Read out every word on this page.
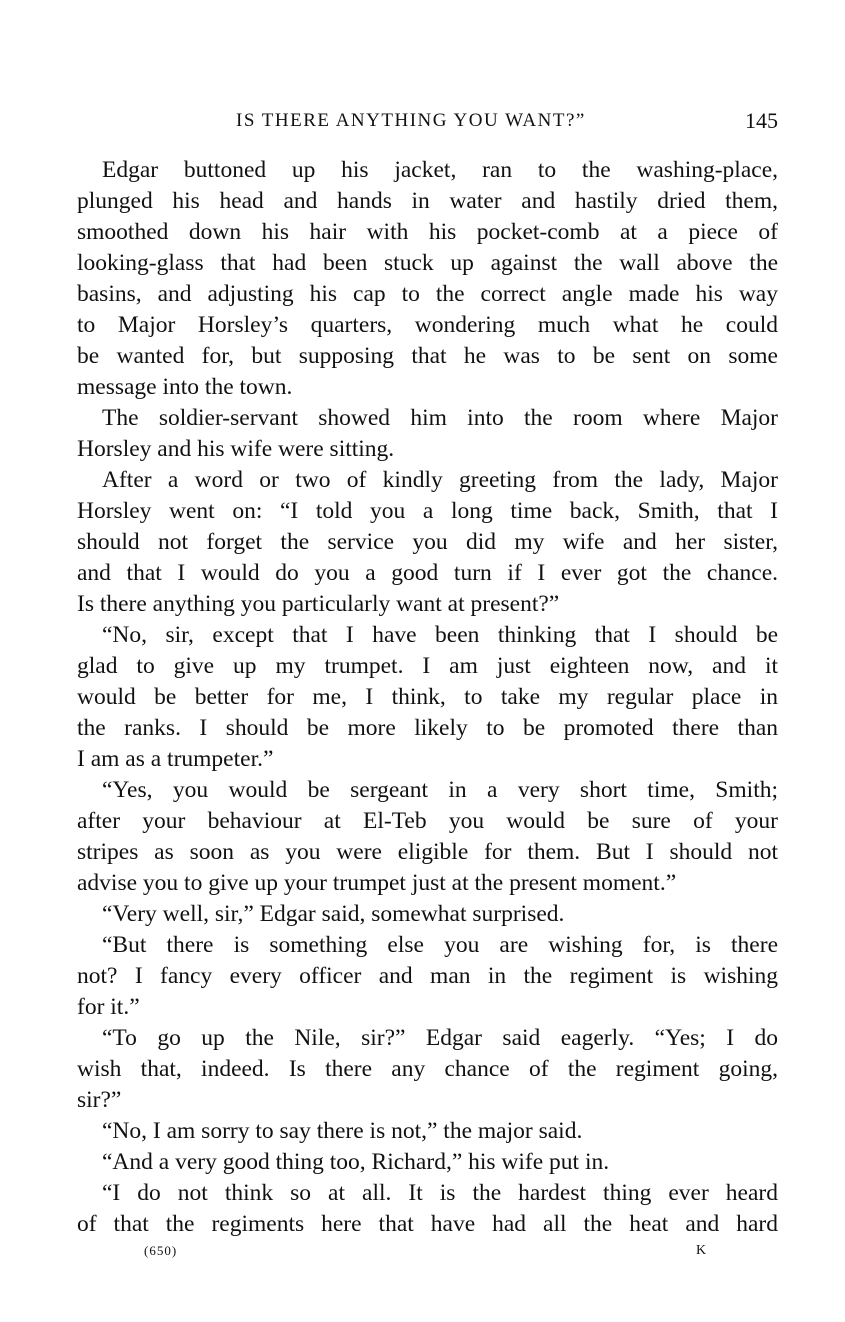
IS THERE ANYTHING YOU WANT?”	145
Edgar buttoned up his jacket, ran to the washing-place,
plunged his head and hands in water and hastily dried them,
smoothed down his hair with his pocket-comb at a piece of
looking-glass that had been stuck up against the wall above the
basins, and adjusting his cap to the correct angle made his way
to Major Horsley’s quarters, wondering much what he could
be wanted for, but supposing that he was to be sent on some
message into the town.
The soldier-servant showed him into the room where Major
Horsley and his wife were sitting.
After a word or two of kindly greeting from the lady, Major
Horsley went on: “I told you a long time back, Smith, that I
should not forget the service you did my wife and her sister,
and that I would do you a good turn if I ever got the chance.
Is there anything you particularly want at present?”
“No, sir, except that I have been thinking that I should be
glad to give up my trumpet. I am just eighteen now, and it
would be better for me, I think, to take my regular place in
the ranks. I should be more likely to be promoted there than
I am as a trumpeter.”
“Yes, you would be sergeant in a very short time, Smith;
after your behaviour at El-Teb you would be sure of your
stripes as soon as you were eligible for them. But I should not
advise you to give up your trumpet just at the present moment.”
“Very well, sir,” Edgar said, somewhat surprised.
“But there is something else you are wishing for, is there
not? I fancy every officer and man in the regiment is wishing
for it.”
“To go up the Nile, sir?” Edgar said eagerly. “Yes; I do
wish that, indeed. Is there any chance of the regiment going,
sir?”
“No, I am sorry to say there is not,” the major said.
“And a very good thing too, Richard,” his wife put in.
“I do not think so at all. It is the hardest thing ever heard
of that the regiments here that have had all the heat and hard
(650)	K
